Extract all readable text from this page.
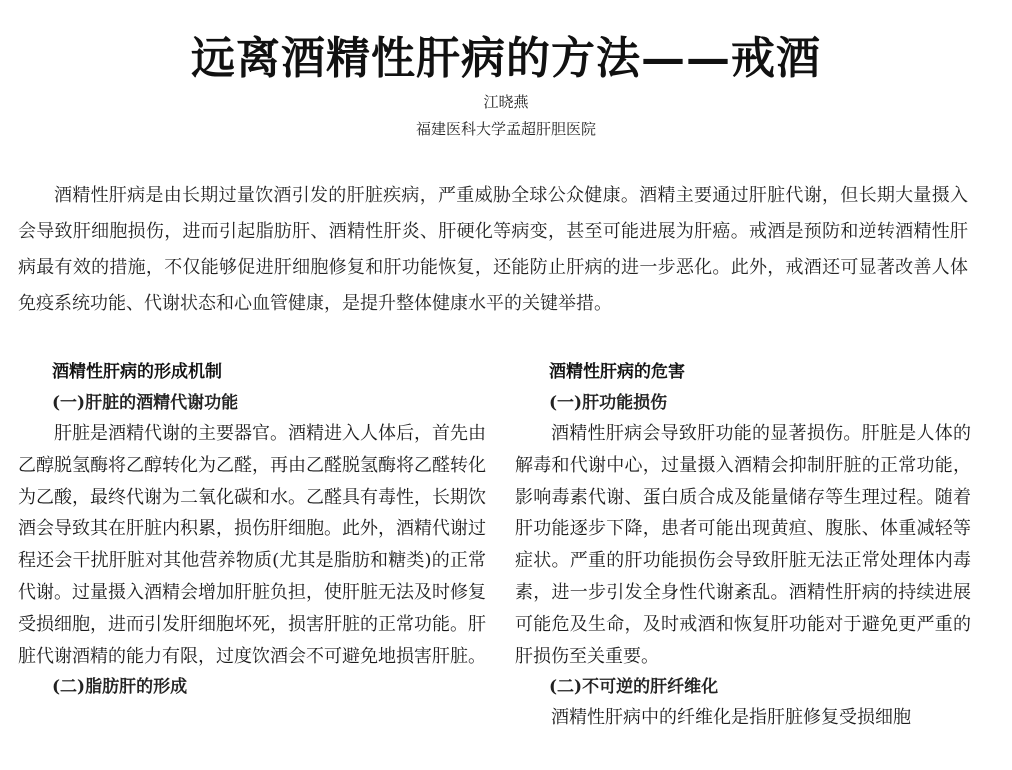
远离酒精性肝病的方法——戒酒
江晓燕
福建医科大学孟超肝胆医院

酒精性肝病是由长期过量饮酒引发的肝脏疾病，严重威胁全球公众健康。酒精主要通过肝脏代谢，但长期大量摄入会导致肝细胞损伤，进而引起脂肪肝、酒精性肝炎、肝硬化等病变，甚至可能进展为肝癌。戒酒是预防和逆转酒精性肝病最有效的措施，不仅能够促进肝细胞修复和肝功能恢复，还能防止肝病的进一步恶化。此外，戒酒还可显著改善人体免疫系统功能、代谢状态和心血管健康，是提升整体健康水平的关键举措。

酒精性肝病的形成机制
(一)肝脏的酒精代谢功能

肝脏是酒精代谢的主要器官。酒精进入人体后，首先由乙醇脱氢酶将乙醇转化为乙醛，再由乙醛脱氢酶将乙醛转化为乙酸，最终代谢为二氧化碳和水。乙醛具有毒性，长期饮酒会导致其在肝脏内积累，损伤肝细胞。此外，酒精代谢过程还会干扰肝脏对其他营养物质(尤其是脂肪和糖类)的正常代谢。过量摄入酒精会增加肝脏负担，使肝脏无法及时修复受损细胞，进而引发肝细胞坏死，损害肝脏的正常功能。肝脏代谢酒精的能力有限，过度饮酒会不可避免地损害肝脏。

(二)脂肪肝的形成
酒精性肝病的危害
(一)肝功能损伤

酒精性肝病会导致肝功能的显著损伤。肝脏是人体的解毒和代谢中心，过量摄入酒精会抑制肝脏的正常功能，影响毒素代谢、蛋白质合成及能量储存等生理过程。随着肝功能逐步下降，患者可能出现黄疸、腹胀、体重减轻等症状。严重的肝功能损伤会导致肝脏无法正常处理体内毒素，进一步引发全身性代谢紊乱。酒精性肝病的持续进展可能危及生命，及时戒酒和恢复肝功能对于避免更严重的肝损伤至关重要。

(二)不可逆的肝纤维化

酒精性肝病中的纤维化是指肝脏修复受损细胞
